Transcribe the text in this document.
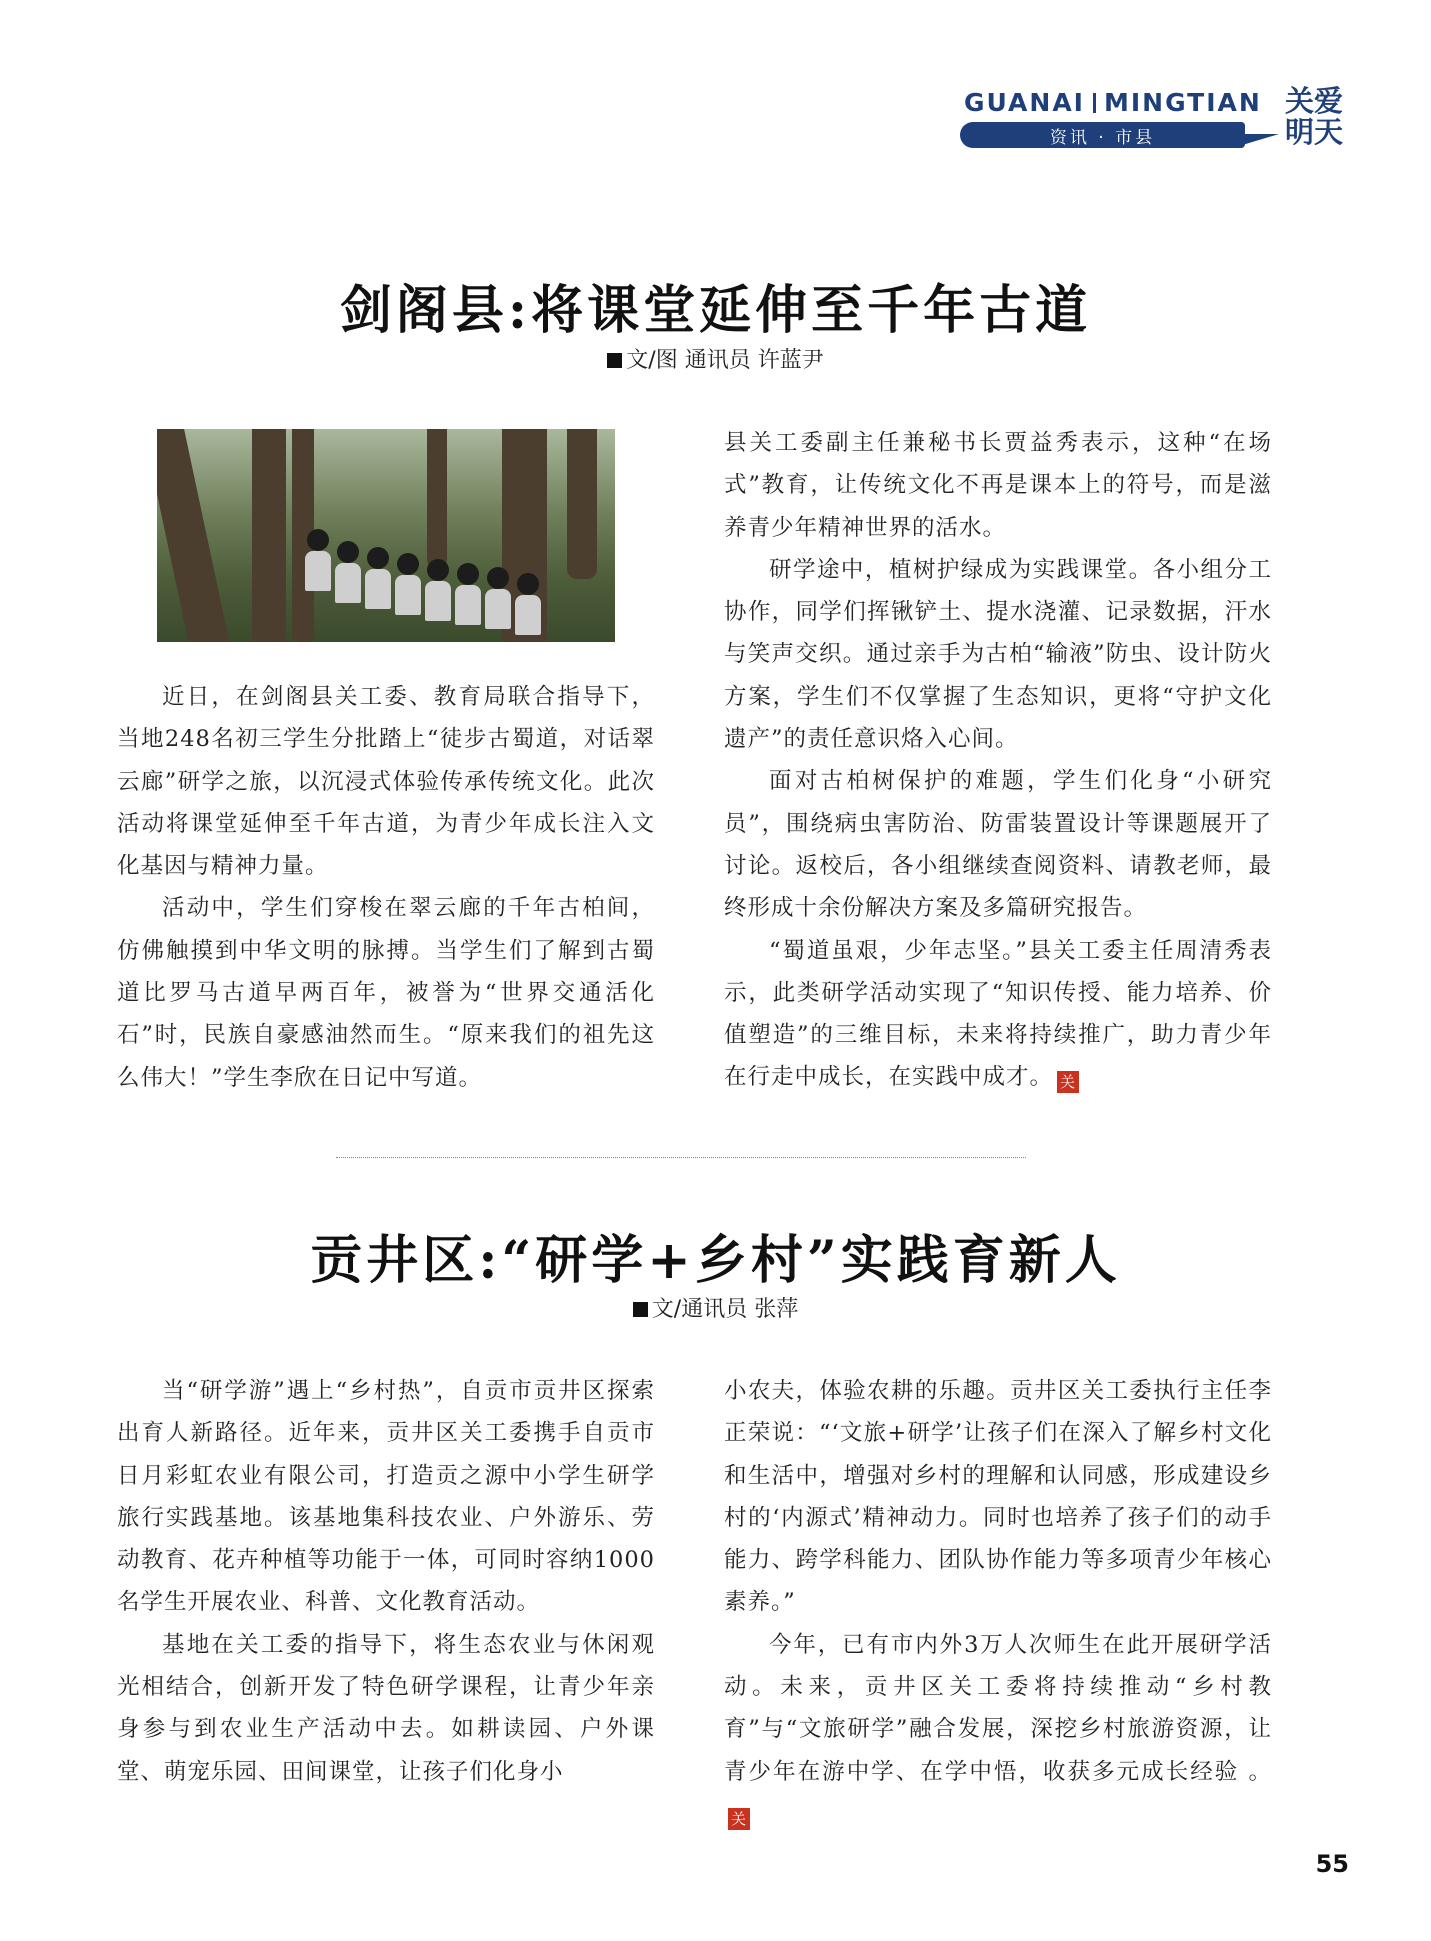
GUANAI MINGTIAN
资讯 · 市县
关爱
明天
剑阁县:将课堂延伸至千年古道
文/图 通讯员 许蓝尹

近日，在剑阁县关工委、教育局联合指导下，当地248名初三学生分批踏上“徒步古蜀道，对话翠云廊”研学之旅，以沉浸式体验传承传统文化。此次活动将课堂延伸至千年古道，为青少年成长注入文化基因与精神力量。

活动中，学生们穿梭在翠云廊的千年古柏间，仿佛触摸到中华文明的脉搏。当学生们了解到古蜀道比罗马古道早两百年，被誉为“世界交通活化石”时，民族自豪感油然而生。“原来我们的祖先这么伟大！”学生李欣在日记中写道。

县关工委副主任兼秘书长贾益秀表示，这种“在场式”教育，让传统文化不再是课本上的符号，而是滋养青少年精神世界的活水。

研学途中，植树护绿成为实践课堂。各小组分工协作，同学们挥锹铲土、提水浇灌、记录数据，汗水与笑声交织。通过亲手为古柏“输液”防虫、设计防火方案，学生们不仅掌握了生态知识，更将“守护文化遗产”的责任意识烙入心间。

面对古柏树保护的难题，学生们化身“小研究员”，围绕病虫害防治、防雷装置设计等课题展开了讨论。返校后，各小组继续查阅资料、请教老师，最终形成十余份解决方案及多篇研究报告。

“蜀道虽艰，少年志坚。”县关工委主任周清秀表示，此类研学活动实现了“知识传授、能力培养、价值塑造”的三维目标，未来将持续推广，助力青少年在行走中成长，在实践中成才。 关

贡井区:“研学+乡村”实践育新人
文/通讯员 张萍

当“研学游”遇上“乡村热”，自贡市贡井区探索出育人新路径。近年来，贡井区关工委携手自贡市日月彩虹农业有限公司，打造贡之源中小学生研学旅行实践基地。该基地集科技农业、户外游乐、劳动教育、花卉种植等功能于一体，可同时容纳1000名学生开展农业、科普、文化教育活动。

基地在关工委的指导下，将生态农业与休闲观光相结合，创新开发了特色研学课程，让青少年亲身参与到农业生产活动中去。如耕读园、户外课堂、萌宠乐园、田间课堂，让孩子们化身小

小农夫，体验农耕的乐趣。贡井区关工委执行主任李正荣说：“‘文旅+研学’让孩子们在深入了解乡村文化和生活中，增强对乡村的理解和认同感，形成建设乡村的‘内源式’精神动力。同时也培养了孩子们的动手能力、跨学科能力、团队协作能力等多项青少年核心素养。”

今年，已有市内外3万人次师生在此开展研学活动。未来，贡井区关工委将持续推动“乡村教育”与“文旅研学”融合发展，深挖乡村旅游资源，让青少年在游中学、在学中悟，收获多元成长经验 。关

55
